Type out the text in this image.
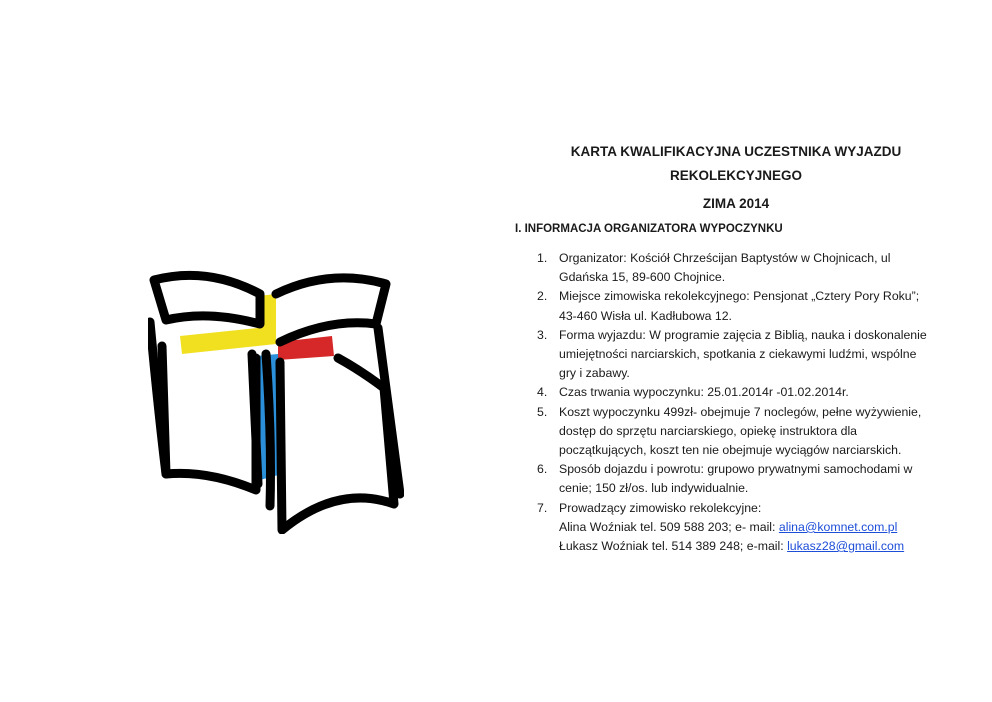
KARTA KWALIFIKACYJNA UCZESTNIKA WYJAZDU REKOLEKCYJNEGO
ZIMA 2014
I. INFORMACJA ORGANIZATORA WYPOCZYNKU
1. Organizator: Kościół Chrześcijan Baptystów w Chojnicach, ul Gdańska 15, 89-600 Chojnice.
2. Miejsce zimowiska rekolekcyjnego: Pensjonat „Cztery Pory Roku”; 43-460 Wisła ul. Kadłubowa 12.
3. Forma wyjazdu: W programie zajęcia z Biblią, nauka i doskonalenie umiejętności narciarskich, spotkania z ciekawymi ludźmi, wspólne gry i zabawy.
4. Czas trwania wypoczynku: 25.01.2014r -01.02.2014r.
5. Koszt wypoczynku 499zł- obejmuje 7 noclegów, pełne wyżywienie, dostęp do sprzętu narciarskiego, opiekę instruktora dla początkujących, koszt ten nie obejmuje wyciągów narciarskich.
6. Sposób dojazdu i powrotu: grupowo prywatnymi samochodami w cenie; 150 zł/os. lub indywidualnie.
7. Prowadzący zimowisko rekolekcyjne:
Alina Woźniak tel. 509 588 203; e- mail: alina@komnet.com.pl
Łukasz Woźniak tel. 514 389 248; e-mail: lukasz28@gmail.com
